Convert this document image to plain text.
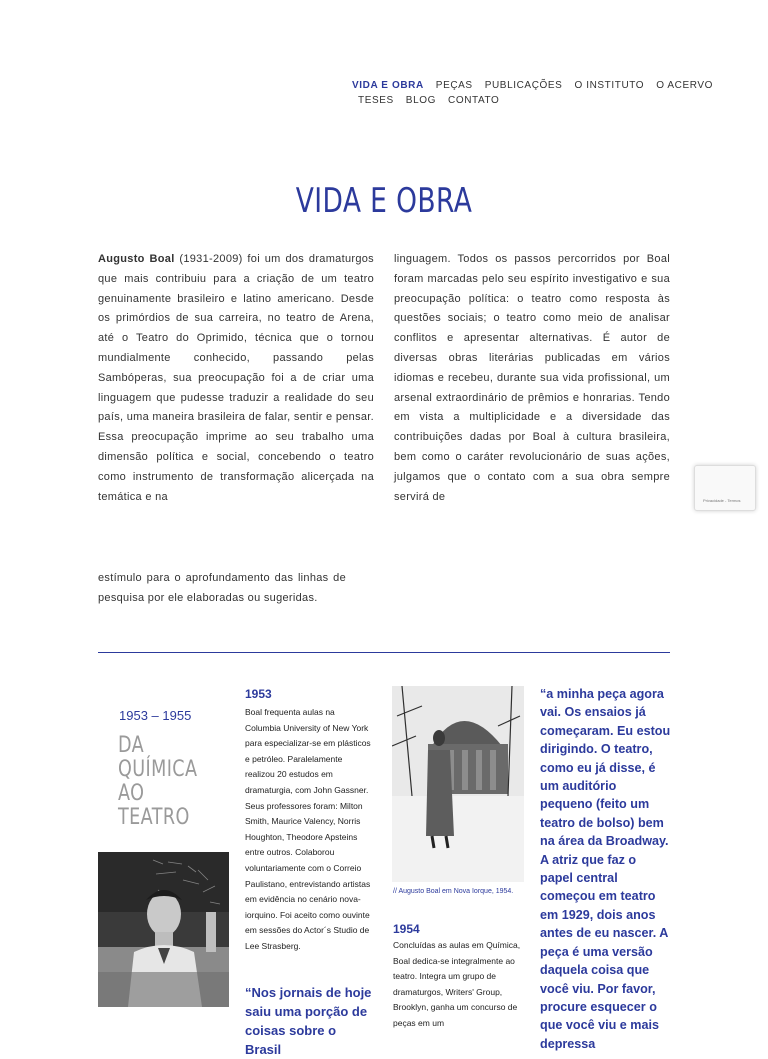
VIDA E OBRA PEÇAS PUBLICAÇÕES O INSTITUTO O ACERVO
TESES BLOG CONTATO
VIDA E OBRA
Augusto Boal (1931-2009) foi um dos dramaturgos que mais contribuiu para a criação de um teatro genuinamente brasileiro e latino americano. Desde os primórdios de sua carreira, no teatro de Arena, até o Teatro do Oprimido, técnica que o tornou mundialmente conhecido, passando pelas Sambóperas, sua preocupação foi a de criar uma linguagem que pudesse traduzir a realidade do seu país, uma maneira brasileira de falar, sentir e pensar. Essa preocupação imprime ao seu trabalho uma dimensão política e social, concebendo o teatro como instrumento de transformação alicerçada na temática e na
linguagem. Todos os passos percorridos por Boal foram marcadas pelo seu espírito investigativo e sua preocupação política: o teatro como resposta às questões sociais; o teatro como meio de analisar conflitos e apresentar alternativas. É autor de diversas obras literárias publicadas em vários idiomas e recebeu, durante sua vida profissional, um arsenal extraordinário de prêmios e honrarias. Tendo em vista a multiplicidade e a diversidade das contribuições dadas por Boal à cultura brasileira, bem como o caráter revolucionário de suas ações, julgamos que o contato com a sua obra sempre servirá de
estímulo para o aprofundamento das linhas de pesquisa por ele elaboradas ou sugeridas.
1953 – 1955
DA QUÍMICA AO TEATRO
1953
Boal frequenta aulas na Columbia University of New York para especializar-se em plásticos e petróleo. Paralelamente realizou 20 estudos em dramaturgia, com John Gassner. Seus professores foram: Milton Smith, Maurice Valency, Norris Houghton, Theodore Apsteins entre outros. Colaborou voluntariamente com o Correio Paulistano, entrevistando artistas em evidência no cenário nova-iorquino. Foi aceito como ouvinte em sessões do Actor´s Studio de Lee Strasberg.
“Nos jornais de hoje saiu uma porção de coisas sobre o Brasil
// Augusto Boal em Nova Iorque, 1954.
1954
Concluídas as aulas em Química, Boal dedica-se integralmente ao teatro. Integra um grupo de dramaturgos, Writers' Group, Brooklyn, ganha um concurso de peças em um
“a minha peça agora vai. Os ensaios já começaram. Eu estou dirigindo. O teatro, como eu já disse, é um auditório pequeno (feito um teatro de bolso) bem na área da Broadway. A atriz que faz o papel central começou em teatro em 1929, dois anos antes de eu nascer. A peça é uma versão daquela coisa que você viu. Por favor, procure esquecer o que você viu e mais depressa
Privacidade - Termos
